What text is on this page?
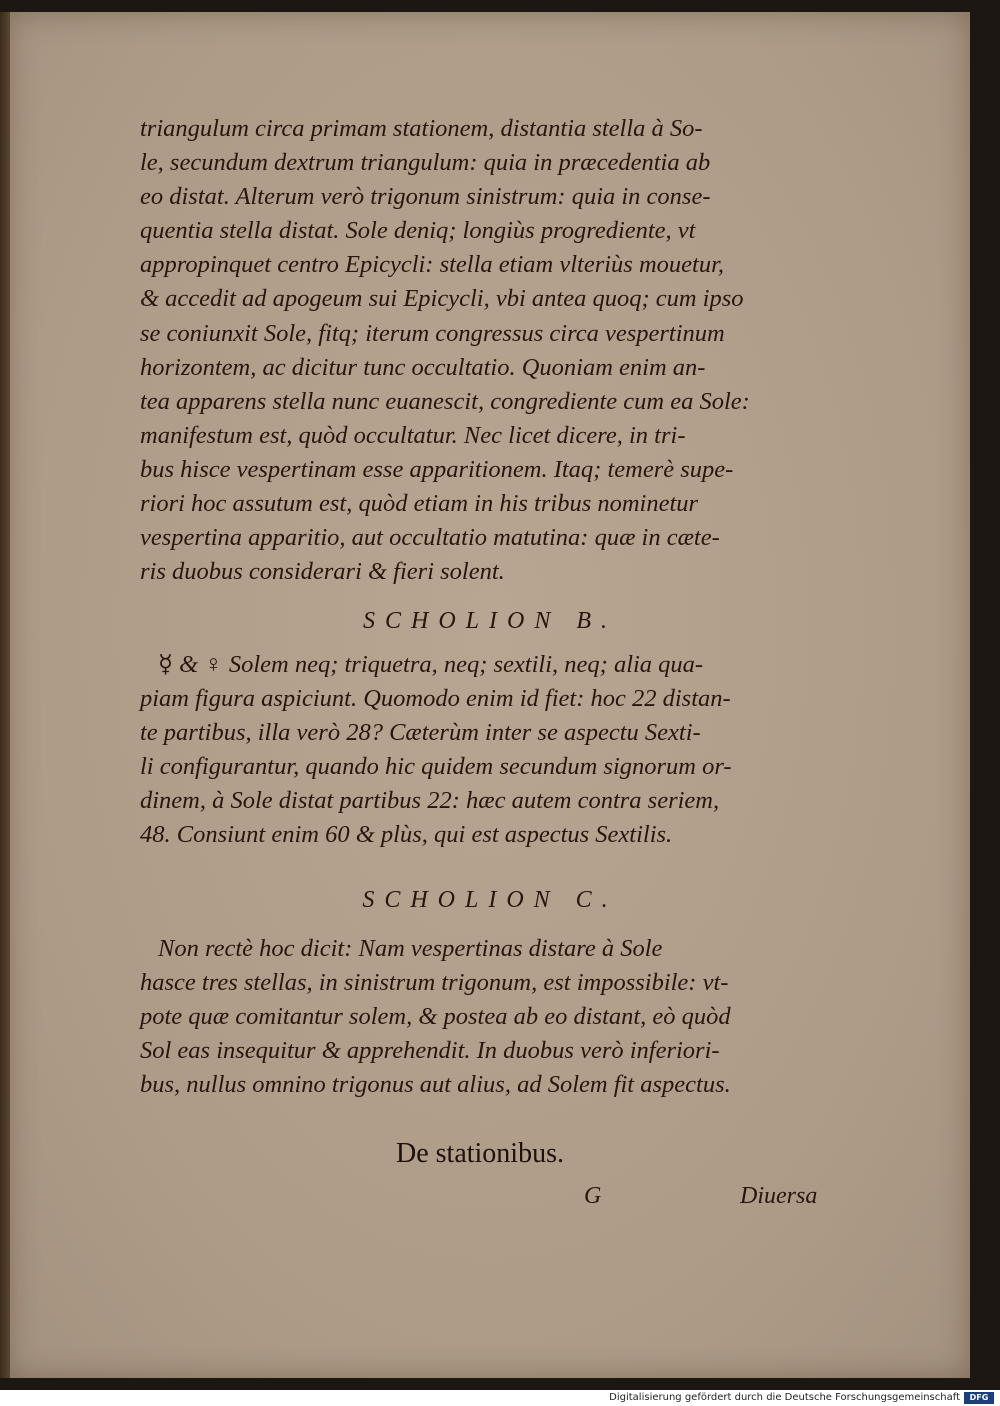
triangulum circa primam stationem, distantia stella à So-
le, secundum dextrum triangulum: quia in præcedentia ab
eo distat. Alterum verò trigonum sinistrum: quia in conse-
quentia stella distat. Sole deniq; longiùs progrediente, vt
appropinquet centro Epicycli: stella etiam vlteriùs mouetur,
& accedit ad apogeum sui Epicycli, vbi antea quoq; cum ipso
se coniunxit Sole, fitq; iterum congressus circa vespertinum
horizontem, ac dicitur tunc occultatio. Quoniam enim an-
tea apparens stella nunc euanescit, congrediente cum ea Sole:
manifestum est, quòd occultatur. Nec licet dicere, in tri-
bus hisce vespertinam esse apparitionem. Itaq; temerè supe-
riori hoc assutum est, quòd etiam in his tribus nominetur
vespertina apparitio, aut occultatio matutina: quæ in cæte-
ris duobus considerari & fieri solent.
SCHOLION B.
☿ & ♀ Solem neq; triquetra, neq; sextili, neq; alia qua-
piam figura aspiciunt. Quomodo enim id fiet: hoc 22 distan-
te partibus, illa verò 28? Cæterùm inter se aspectu Sexti-
li configurantur, quando hic quidem secundum signorum or-
dinem, à Sole distat partibus 22: hæc autem contra seriem,
48. Consiunt enim 60 & plùs, qui est aspectus Sextilis.
SCHOLION C.
Non rectè hoc dicit: Nam vespertinas distare à Sole
hasce tres stellas, in sinistrum trigonum, est impossibile: vt-
pote quæ comitantur solem, & postea ab eo distant, eò quòd
Sol eas insequitur & apprehendit. In duobus verò inferiori-
bus, nullus omnino trigonus aut alius, ad Solem fit aspectus.
De stationibus.
G	Diuersa
Digitalisierung gefördert durch die Deutsche Forschungsgemeinschaft	DFG
